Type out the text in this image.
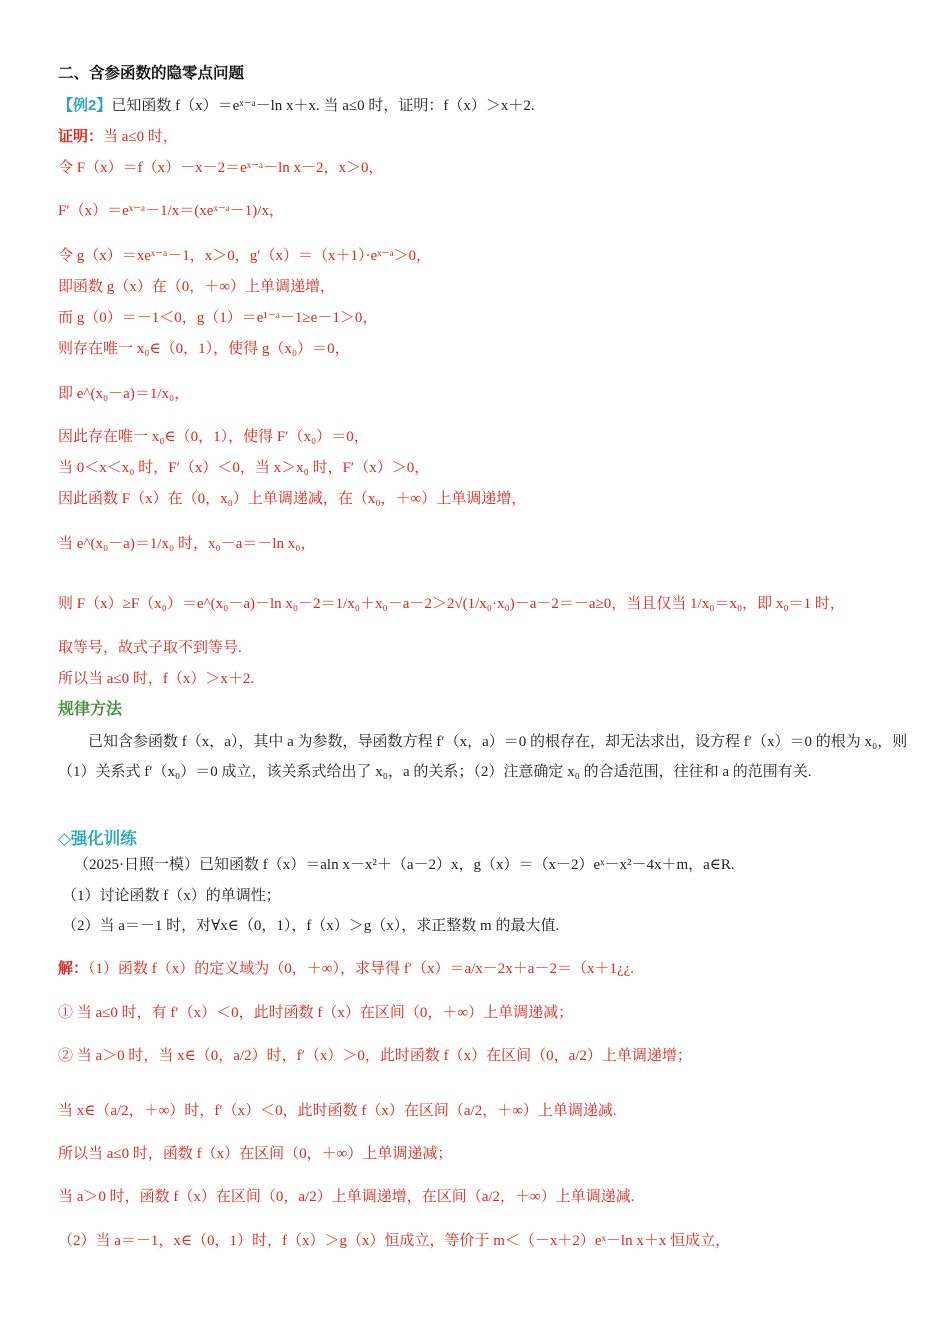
二、含参函数的隐零点问题
【例2】已知函数 f（x）＝eˣ⁻ᵃ－ln x＋x. 当 a≤0 时，证明：f（x）＞x＋2.
证明：当 a≤0 时，
令 F（x）＝f（x）－x－2＝eˣ⁻ᵃ－ln x－2，x＞0，
F′（x）＝eˣ⁻ᵃ－1/x＝(xeˣ⁻ᵃ－1)/x，
令 g（x）＝xeˣ⁻ᵃ－1，x＞0，g′（x）＝（x＋1）·eˣ⁻ᵃ＞0，
即函数 g（x）在（0，＋∞）上单调递增，
而 g（0）＝－1＜0，g（1）＝e¹⁻ᵃ－1≥e－1＞0，
则存在唯一 x₀∈（0，1），使得 g（x₀）＝0，
即 e^(x₀－a)＝1/x₀，
因此存在唯一 x₀∈（0，1），使得 F′（x₀）＝0，
当 0＜x＜x₀ 时，F′（x）＜0，当 x＞x₀ 时，F′（x）＞0，
因此函数 F（x）在（0，x₀）上单调递减，在（x₀，＋∞）上单调递增，
当 e^(x₀－a)＝1/x₀ 时，x₀－a＝－ln x₀，
则 F（x）≥F（x₀）＝e^(x₀－a)－ln x₀－2＝1/x₀＋x₀－a－2＞2√(1/x₀·x₀)－a－2＝－a≥0，当且仅当 1/x₀＝x₀，即 x₀＝1 时，
取等号，故式子取不到等号.
所以当 a≤0 时，f（x）＞x＋2.
规律方法
已知含参函数 f（x，a），其中 a 为参数，导函数方程 f′（x，a）＝0 的根存在，却无法求出，设方程 f′（x）＝0 的根为 x₀，则（1）关系式 f′（x₀）＝0 成立，该关系式给出了 x₀，a 的关系；（2）注意确定 x₀ 的合适范围，往往和 a 的范围有关.
◇强化训练
（2025·日照一模）已知函数 f（x）＝aln x－x²＋（a－2）x，g（x）＝（x－2）eˣ－x²－4x＋m，a∈R.
（1）讨论函数 f（x）的单调性；
（2）当 a＝－1 时，对∀x∈（0，1），f（x）＞g（x），求正整数 m 的最大值.
解：（1）函数 f（x）的定义域为（0，＋∞），求导得 f′（x）＝a/x－2x＋a－2＝（x＋1¿¿.
① 当 a≤0 时，有 f′（x）＜0，此时函数 f（x）在区间（0，＋∞）上单调递减；
② 当 a＞0 时，当 x∈（0，a/2）时，f′（x）＞0，此时函数 f（x）在区间（0，a/2）上单调递增；
当 x∈（a/2，＋∞）时，f′（x）＜0，此时函数 f（x）在区间（a/2，＋∞）上单调递减.
所以当 a≤0 时，函数 f（x）在区间（0，＋∞）上单调递减；
当 a＞0 时，函数 f（x）在区间（0，a/2）上单调递增，在区间（a/2，＋∞）上单调递减.
（2）当 a＝－1，x∈（0，1）时，f（x）＞g（x）恒成立，等价于 m＜（－x＋2）eˣ－ln x＋x 恒成立，
